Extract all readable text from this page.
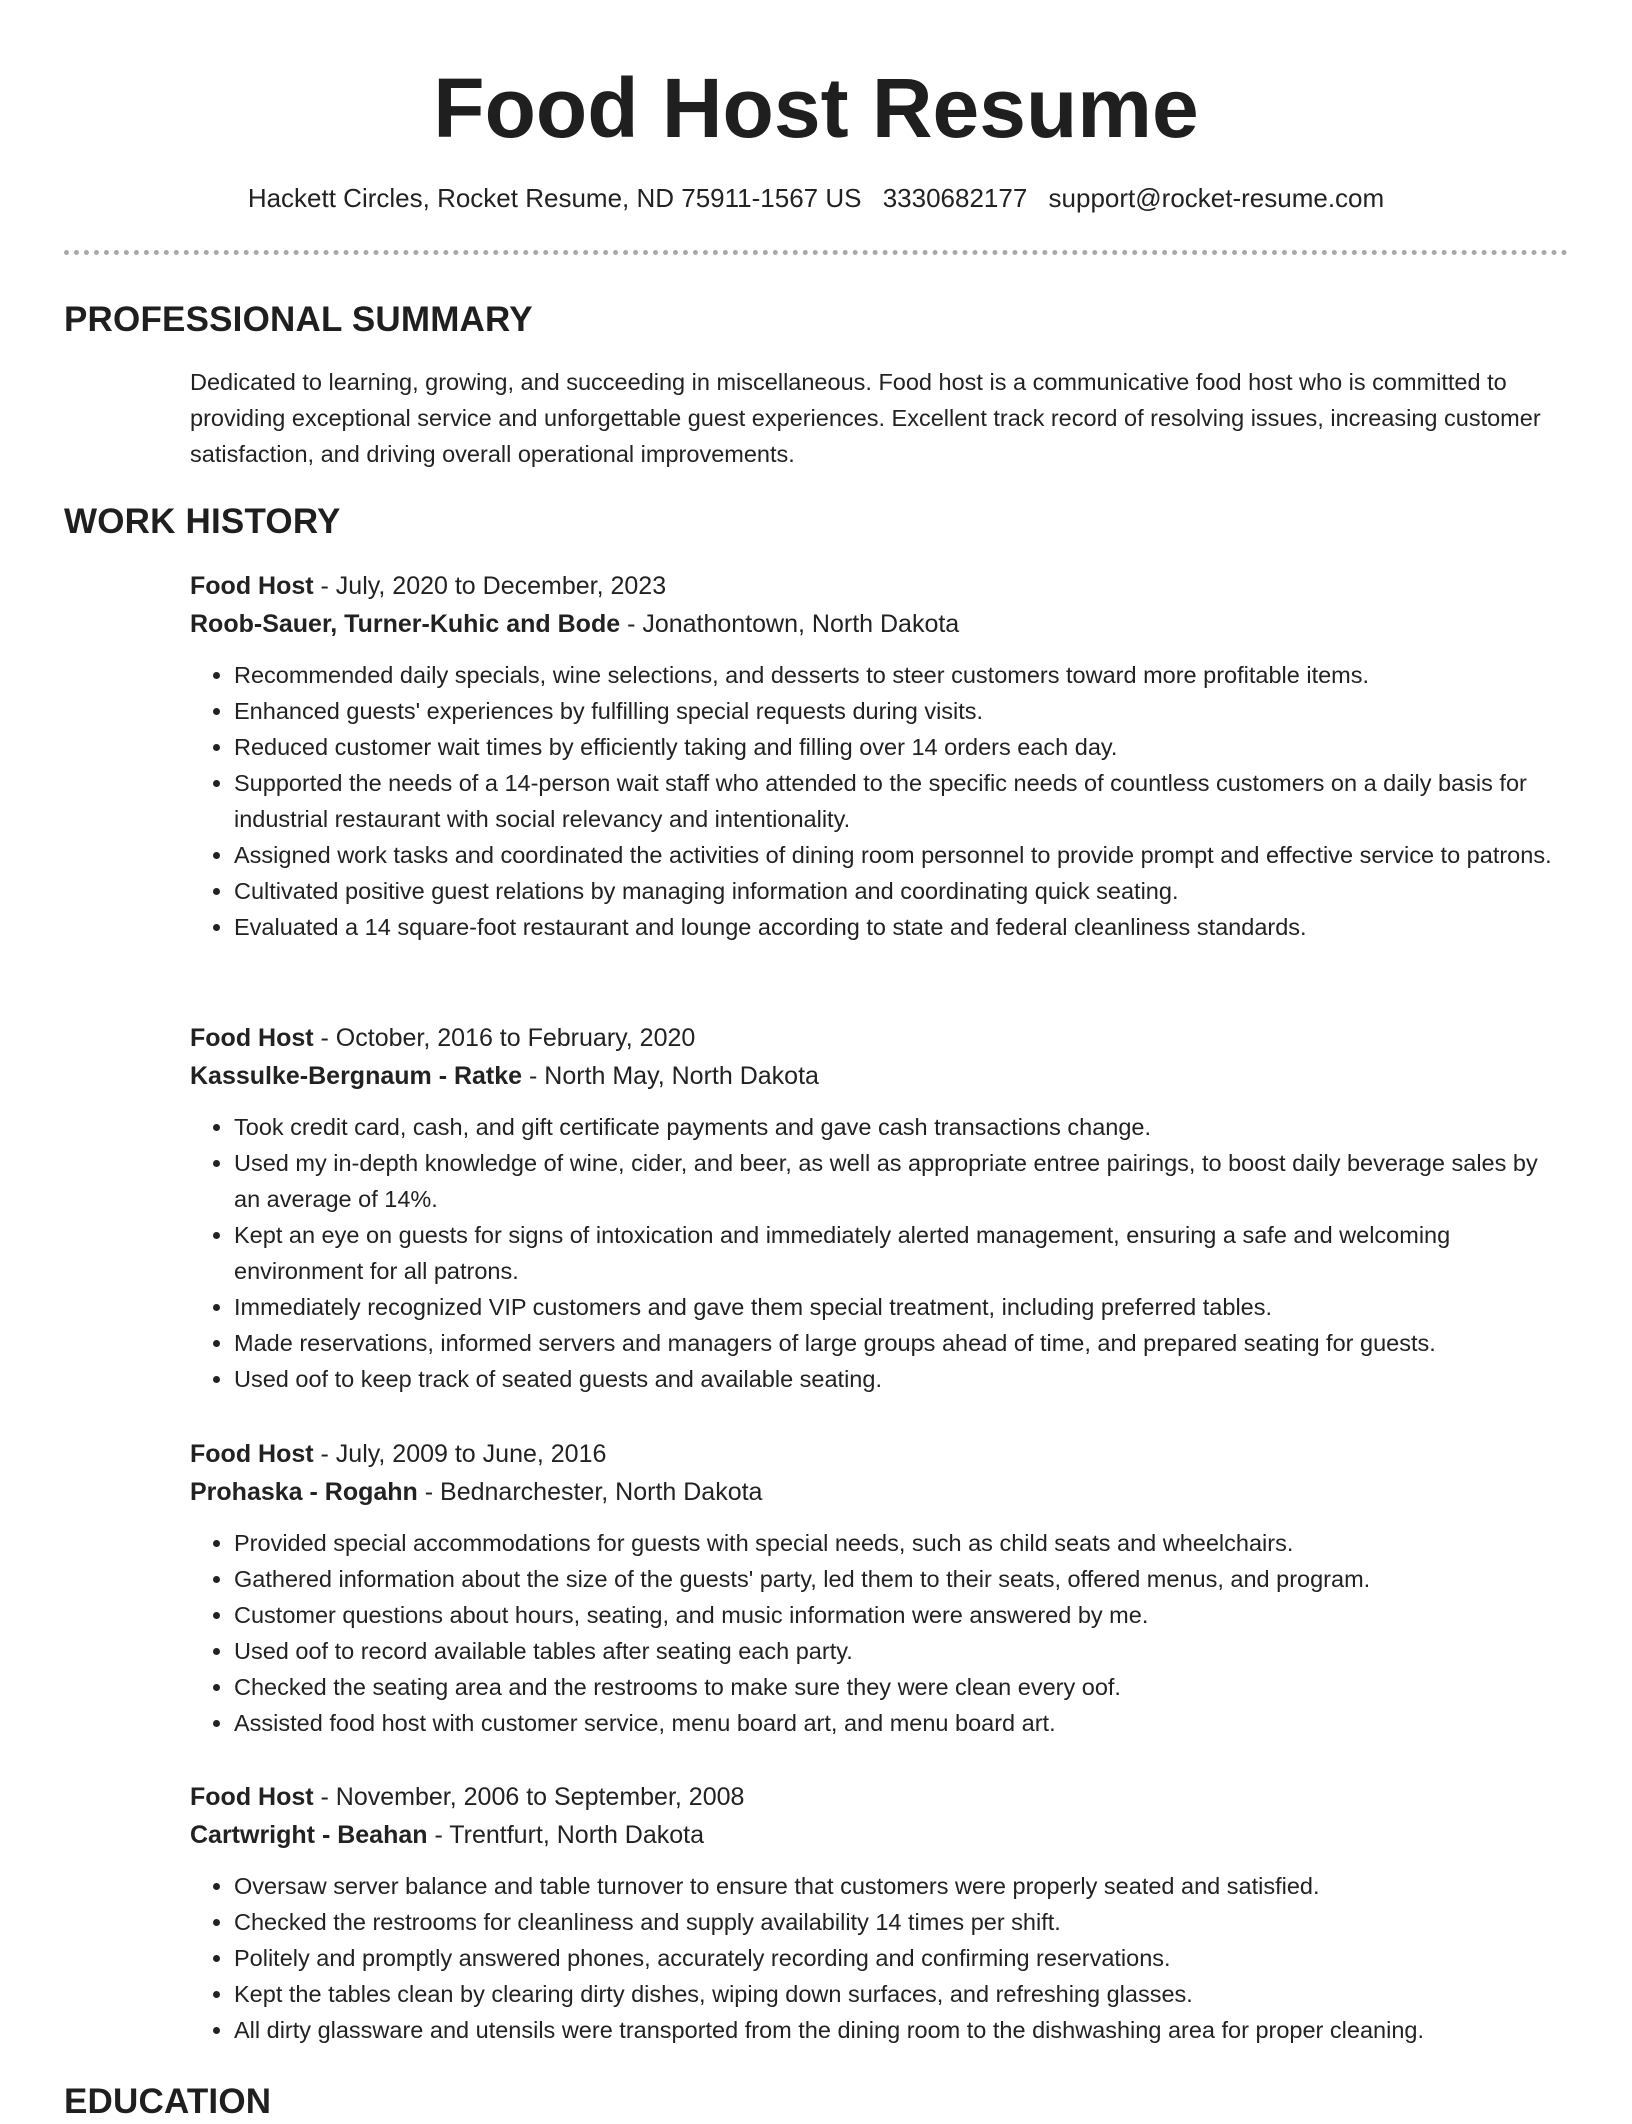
Food Host Resume
Hackett Circles, Rocket Resume, ND 75911-1567 US 3330682177 support@rocket-resume.com
PROFESSIONAL SUMMARY

Dedicated to learning, growing, and succeeding in miscellaneous. Food host is a communicative food host who is committed to providing exceptional service and unforgettable guest experiences. Excellent track record of resolving issues, increasing customer satisfaction, and driving overall operational improvements.

WORK HISTORY
Food Host - July, 2020 to December, 2023
Roob-Sauer, Turner-Kuhic and Bode - Jonathontown, North Dakota
• Recommended daily specials, wine selections, and desserts to steer customers toward more profitable items.
• Enhanced guests' experiences by fulfilling special requests during visits.
• Reduced customer wait times by efficiently taking and filling over 14 orders each day.
• Supported the needs of a 14-person wait staff who attended to the specific needs of countless customers on a daily basis for industrial restaurant with social relevancy and intentionality.
• Assigned work tasks and coordinated the activities of dining room personnel to provide prompt and effective service to patrons.
• Cultivated positive guest relations by managing information and coordinating quick seating.
• Evaluated a 14 square-foot restaurant and lounge according to state and federal cleanliness standards.
Food Host - October, 2016 to February, 2020
Kassulke-Bergnaum - Ratke - North May, North Dakota
• Took credit card, cash, and gift certificate payments and gave cash transactions change.
• Used my in-depth knowledge of wine, cider, and beer, as well as appropriate entree pairings, to boost daily beverage sales by an average of 14%.
• Kept an eye on guests for signs of intoxication and immediately alerted management, ensuring a safe and welcoming environment for all patrons.
• Immediately recognized VIP customers and gave them special treatment, including preferred tables.
• Made reservations, informed servers and managers of large groups ahead of time, and prepared seating for guests.
• Used oof to keep track of seated guests and available seating.
Food Host - July, 2009 to June, 2016
Prohaska - Rogahn - Bednarchester, North Dakota
• Provided special accommodations for guests with special needs, such as child seats and wheelchairs.
• Gathered information about the size of the guests' party, led them to their seats, offered menus, and program.
• Customer questions about hours, seating, and music information were answered by me.
• Used oof to record available tables after seating each party.
• Checked the seating area and the restrooms to make sure they were clean every oof.
• Assisted food host with customer service, menu board art, and menu board art.
Food Host - November, 2006 to September, 2008
Cartwright - Beahan - Trentfurt, North Dakota
• Oversaw server balance and table turnover to ensure that customers were properly seated and satisfied.
• Checked the restrooms for cleanliness and supply availability 14 times per shift.
• Politely and promptly answered phones, accurately recording and confirming reservations.
• Kept the tables clean by clearing dirty dishes, wiping down surfaces, and refreshing glasses.
• All dirty glassware and utensils were transported from the dining room to the dishwashing area for proper cleaning.
EDUCATION
